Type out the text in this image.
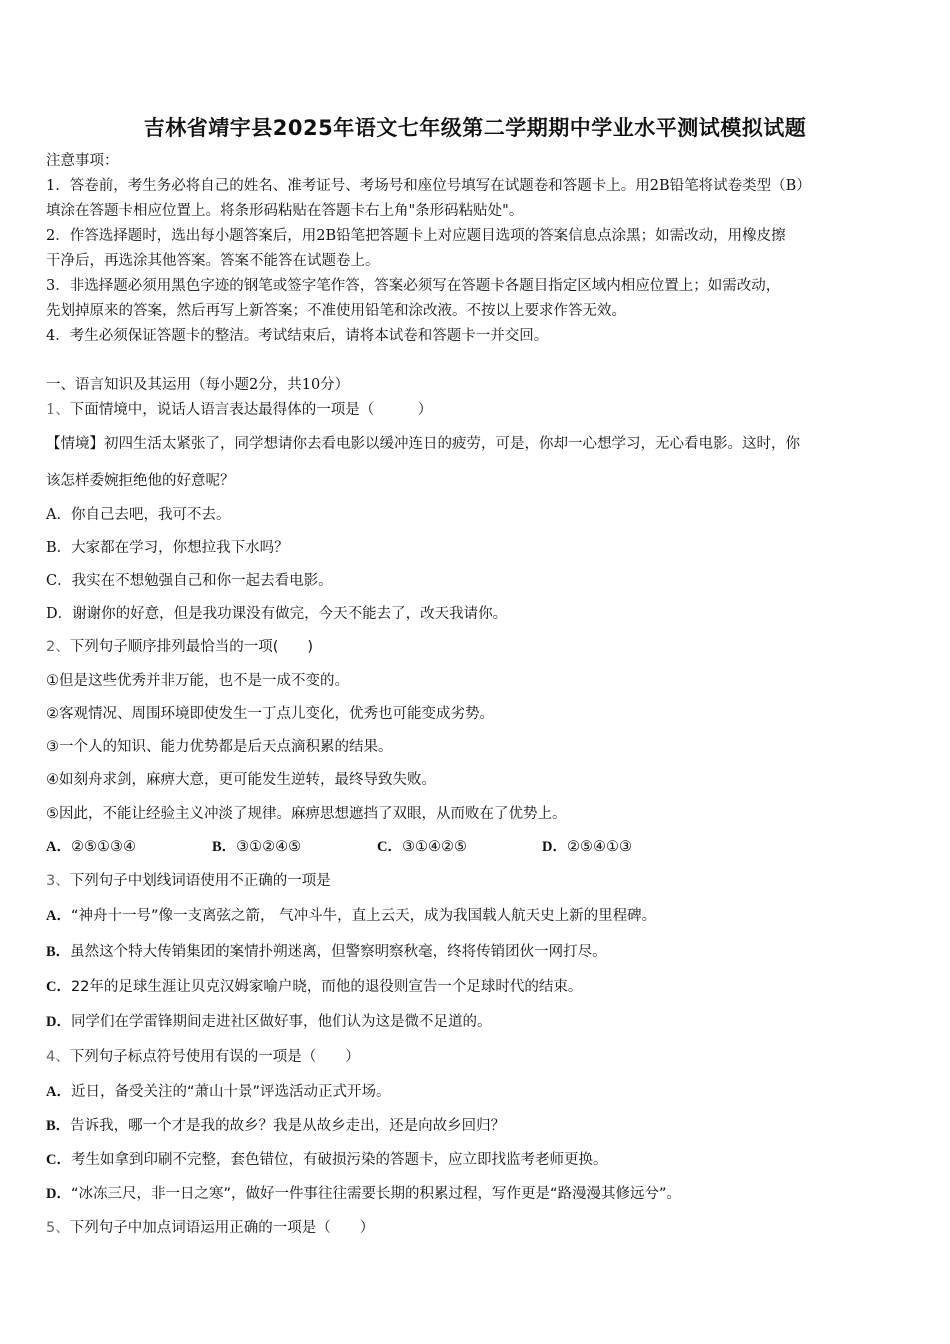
吉林省靖宇县2025年语文七年级第二学期期中学业水平测试模拟试题
注意事项：
1．答卷前，考生务必将自己的姓名、准考证号、考场号和座位号填写在试题卷和答题卡上。用2B铅笔将试卷类型（B）
填涂在答题卡相应位置上。将条形码粘贴在答题卡右上角"条形码粘贴处"。
2．作答选择题时，选出每小题答案后，用2B铅笔把答题卡上对应题目选项的答案信息点涂黑；如需改动，用橡皮擦
干净后，再选涂其他答案。答案不能答在试题卷上。
3．非选择题必须用黑色字迹的钢笔或签字笔作答，答案必须写在答题卡各题目指定区域内相应位置上；如需改动，
先划掉原来的答案，然后再写上新答案；不准使用铅笔和涂改液。不按以上要求作答无效。
4．考生必须保证答题卡的整洁。考试结束后，请将本试卷和答题卡一并交回。
一、语言知识及其运用（每小题2分，共10分）
1、下面情境中，说话人语言表达最得体的一项是（　　　）
【情境】初四生活太紧张了，同学想请你去看电影以缓冲连日的疲劳，可是，你却一心想学习，无心看电影。这时，你
该怎样委婉拒绝他的好意呢？
A．你自己去吧，我可不去。
B．大家都在学习，你想拉我下水吗？
C．我实在不想勉强自己和你一起去看电影。
D．谢谢你的好意，但是我功课没有做完，今天不能去了，改天我请你。
2、下列句子顺序排列最恰当的一项(　　)
①但是这些优秀并非万能，也不是一成不变的。
②客观情况、周围环境即使发生一丁点儿变化，优秀也可能变成劣势。
③一个人的知识、能力优势都是后天点滴积累的结果。
④如刻舟求剑，麻痹大意，更可能发生逆转，最终导致失败。
⑤因此，不能让经验主义冲淡了规律。麻痹思想遮挡了双眼，从而败在了优势上。
A．②⑤①③④	B．③①②④⑤	C．③①④②⑤	D．②⑤④①③
3、下列句子中划线词语使用不正确的一项是
A．“神舟十一号”像一支离弦之箭， 气冲斗牛，直上云天，成为我国载人航天史上新的里程碑。
B．虽然这个特大传销集团的案情扑朔迷离，但警察明察秋毫，终将传销团伙一网打尽。
C．22年的足球生涯让贝克汉姆家喻户晓，而他的退役则宣告一个足球时代的结束。
D．同学们在学雷锋期间走进社区做好事，他们认为这是微不足道的。
4、下列句子标点符号使用有误的一项是（　　）
A．近日，备受关注的“萧山十景”评选活动正式开场。
B．告诉我，哪一个才是我的故乡？我是从故乡走出，还是向故乡回归？
C．考生如拿到印刷不完整，套色错位，有破损污染的答题卡，应立即找监考老师更换。
D．“冰冻三尺，非一日之寒”，做好一件事往往需要长期的积累过程，写作更是“路漫漫其修远兮”。
5、下列句子中加点词语运用正确的一项是（　　）
